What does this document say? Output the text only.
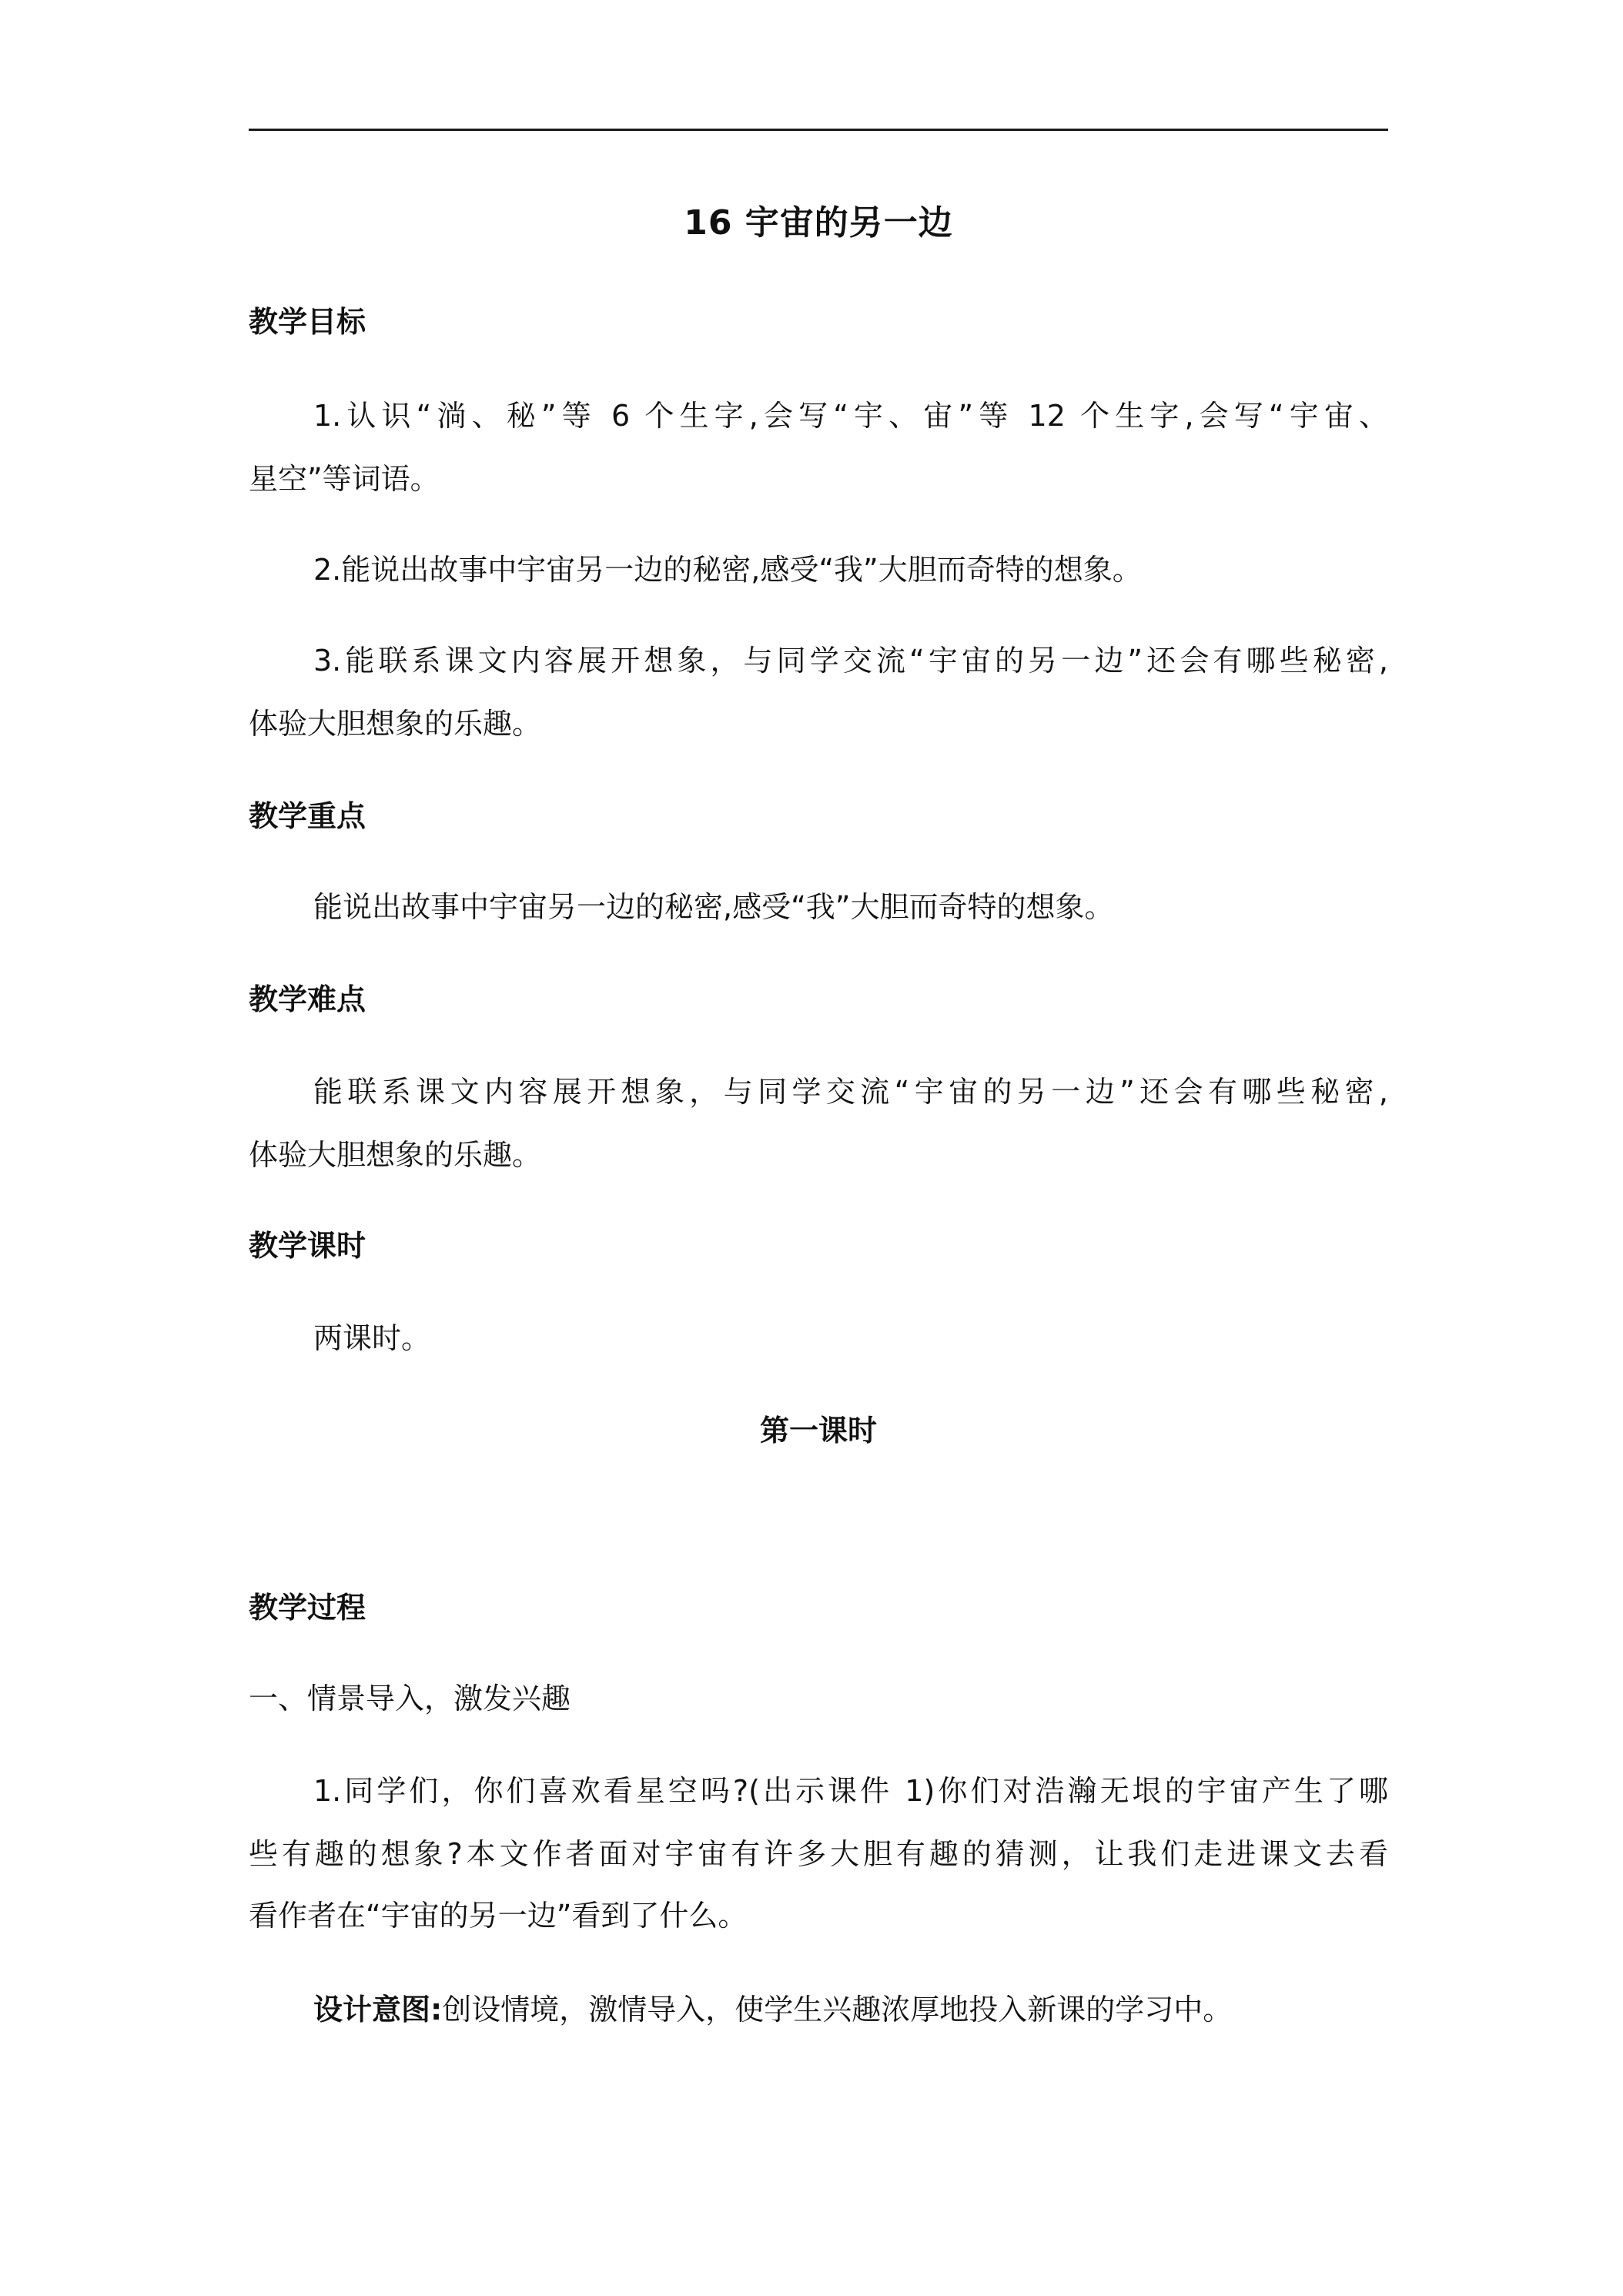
16 宇宙的另一边
教学目标
1.认识“淌、秘”等 6 个生字,会写“宇、宙”等 12 个生字,会写“宇宙、
星空”等词语。
2.能说出故事中宇宙另一边的秘密,感受“我”大胆而奇特的想象。
3.能联系课文内容展开想象，与同学交流“宇宙的另一边”还会有哪些秘密,
体验大胆想象的乐趣。
教学重点
能说出故事中宇宙另一边的秘密,感受“我”大胆而奇特的想象。
教学难点
能联系课文内容展开想象，与同学交流“宇宙的另一边”还会有哪些秘密,
体验大胆想象的乐趣。
教学课时
两课时。
第一课时
教学过程
一、情景导入，激发兴趣
1.同学们，你们喜欢看星空吗?(出示课件 1)你们对浩瀚无垠的宇宙产生了哪
些有趣的想象?本文作者面对宇宙有许多大胆有趣的猜测，让我们走进课文去看
看作者在“宇宙的另一边”看到了什么。
设计意图:创设情境，激情导入，使学生兴趣浓厚地投入新课的学习中。
